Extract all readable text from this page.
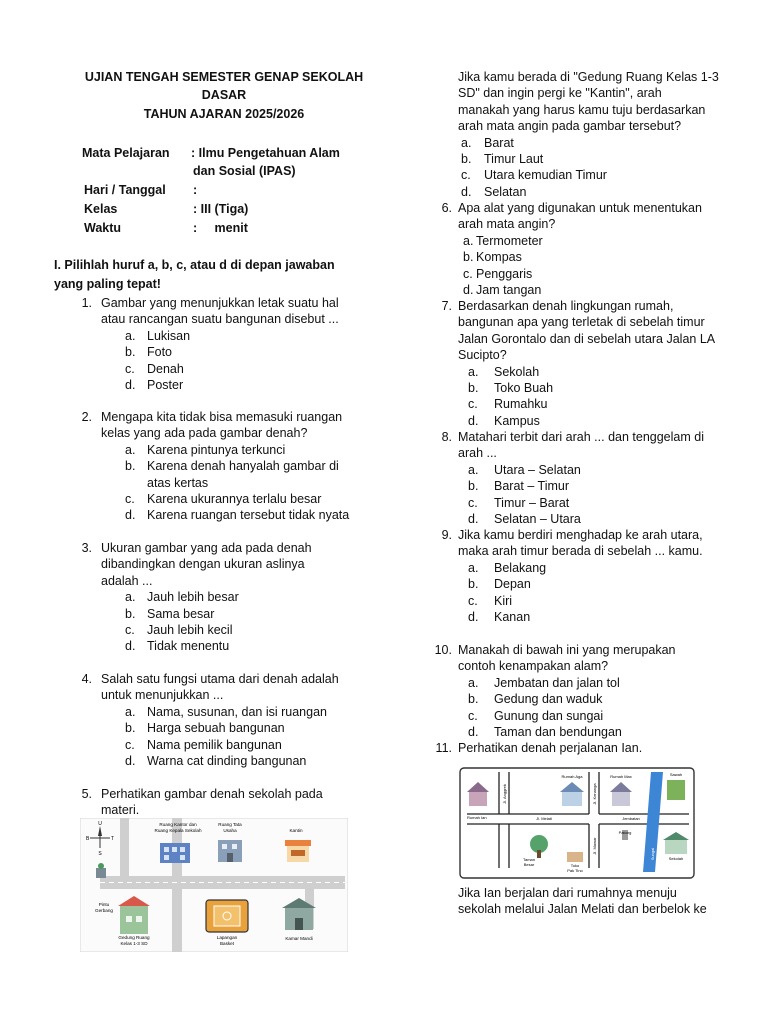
UJIAN TENGAH SEMESTER GENAP SEKOLAH
DASAR
TAHUN AJARAN 2025/2026
Mata Pelajaran : Ilmu Pengetahuan Alam
dan Sosial (IPAS)
Hari / Tanggal :
Kelas	: III (Tiga)
Waktu	:     menit
I. Pilihlah huruf a, b, c, atau d di depan jawaban
yang paling tepat!
1. Gambar yang menunjukkan letak suatu hal
atau rancangan suatu bangunan disebut ...
a. Lukisan
b. Foto
c. Denah
d. Poster
2. Mengapa kita tidak bisa memasuki ruangan
kelas yang ada pada gambar denah?
a. Karena pintunya terkunci
b. Karena denah hanyalah gambar di
atas kertas
c. Karena ukurannya terlalu besar
d. Karena ruangan tersebut tidak nyata
3. Ukuran gambar yang ada pada denah
dibandingkan dengan ukuran aslinya
adalah ...
a. Jauh lebih besar
b. Sama besar
c. Jauh lebih kecil
d. Tidak menentu
4. Salah satu fungsi utama dari denah adalah
untuk menunjukkan ...
a. Nama, susunan, dan isi ruangan
b. Harga sebuah bangunan
c. Nama pemilik bangunan
d. Warna cat dinding bangunan
5. Perhatikan gambar denah sekolah pada
materi.
U
S
B	T
Ruang Kantor dan
Ruang Kepala Sekolah
Ruang Tata
Usaha	Kantin
Pintu
Gerbang
Gedung Ruang
Kelas 1-3 SD
Lapangan
Basket
Kamar Mandi
Jika kamu berada di "Gedung Ruang Kelas 1-3
SD" dan ingin pergi ke "Kantin", arah
manakah yang harus kamu tuju berdasarkan
arah mata angin pada gambar tersebut?
a. Barat
b. Timur Laut
c. Utara kemudian Timur
d. Selatan
6. Apa alat yang digunakan untuk menentukan
arah mata angin?
a. Termometer
b. Kompas
c. Penggaris
d. Jam tangan
7. Berdasarkan denah lingkungan rumah,
bangunan apa yang terletak di sebelah timur
Jalan Gorontalo dan di sebelah utara Jalan LA
Sucipto?
a. Sekolah
b. Toko Buah
c. Rumahku
d. Kampus
8. Matahari terbit dari arah ... dan tenggelam di
arah ...
a. Utara – Selatan
b. Barat – Timur
c. Timur – Barat
d. Selatan – Utara
9. Jika kamu berdiri menghadap ke arah utara,
maka arah timur berada di sebelah ... kamu.
a. Belakang
b. Depan
c. Kiri
d. Kanan
10. Manakah di bawah ini yang merupakan
contoh kenampakan alam?
a. Jembatan dan jalan tol
b. Gedung dan waduk
c. Gunung dan sungai
d. Taman dan bendungan
11. Perhatikan denah perjalanan Ian.
Jika Ian berjalan dari rumahnya menuju
sekolah melalui Jalan Melati dan berbelok ke
Rumah Ian
Rumah Aga	Rumah Max	Sawah
Jl. Melati
Jl. Anggrek
Jl. Mawar
Jl. Kenanga
Jembatan
Taman
Besar	Toko
Pak Tino
Patung
Sungai	Sekolah
